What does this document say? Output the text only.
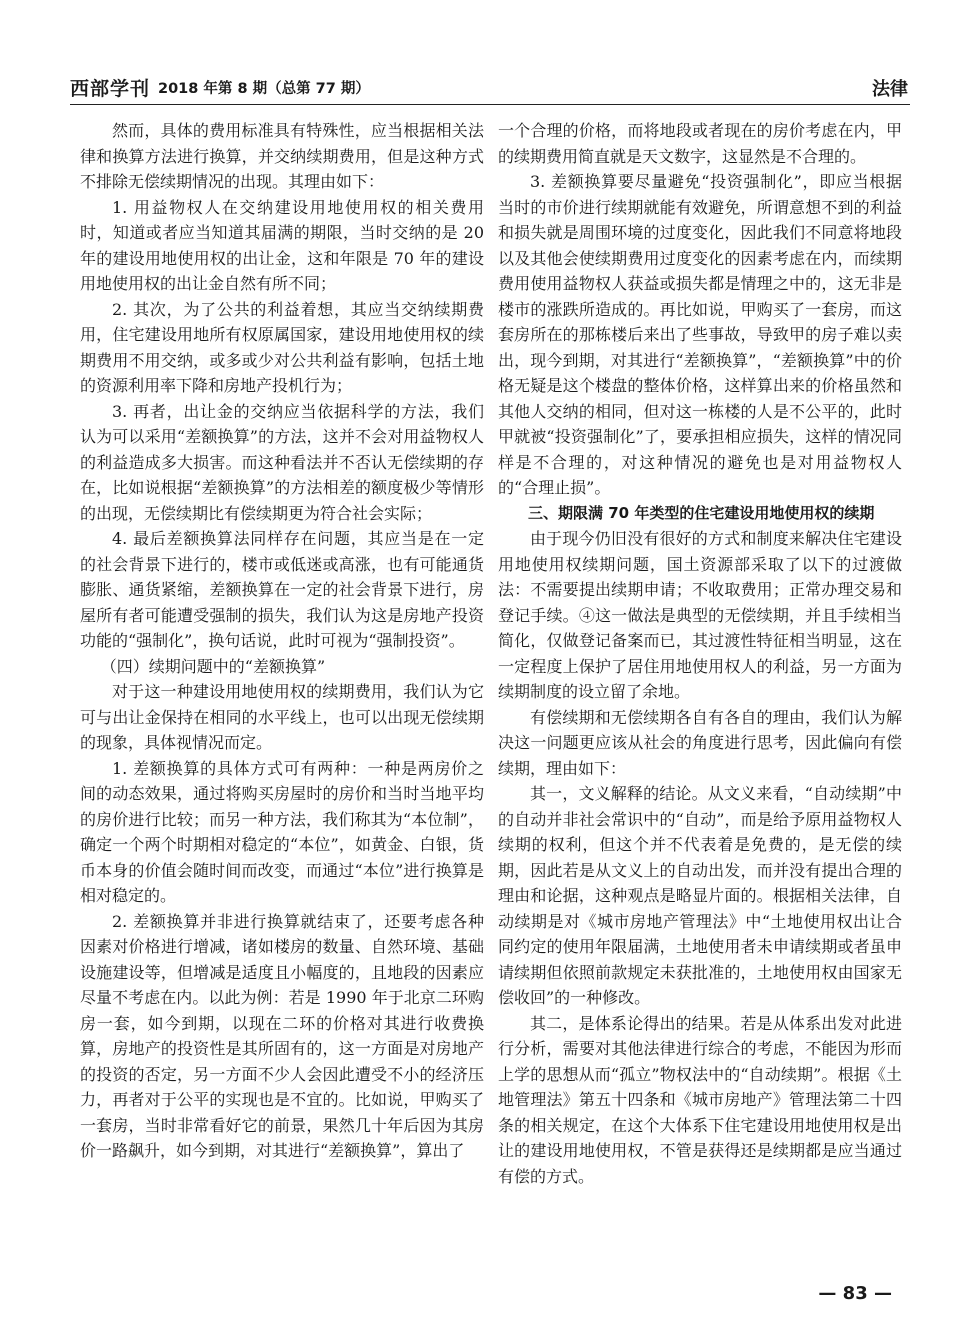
西部学刊 2018 年第 8 期（总第 77 期）	法律

然而，具体的费用标准具有特殊性，应当根据相关法律和换算方法进行换算，并交纳续期费用，但是这种方式不排除无偿续期情况的出现。其理由如下：

1. 用益物权人在交纳建设用地使用权的相关费用时，知道或者应当知道其届满的期限，当时交纳的是 20 年的建设用地使用权的出让金，这和年限是 70 年的建设用地使用权的出让金自然有所不同；

2. 其次，为了公共的利益着想，其应当交纳续期费用，住宅建设用地所有权原属国家，建设用地使用权的续期费用不用交纳，或多或少对公共利益有影响，包括土地的资源利用率下降和房地产投机行为；

3. 再者，出让金的交纳应当依据科学的方法，我们认为可以采用“差额换算”的方法，这并不会对用益物权人的利益造成多大损害。而这种看法并不否认无偿续期的存在，比如说根据“差额换算”的方法相差的额度极少等情形的出现，无偿续期比有偿续期更为符合社会实际；

4. 最后差额换算法同样存在问题，其应当是在一定的社会背景下进行的，楼市或低迷或高涨，也有可能通货膨胀、通货紧缩，差额换算在一定的社会背景下进行，房屋所有者可能遭受强制的损失，我们认为这是房地产投资功能的“强制化”，换句话说，此时可视为“强制投资”。

（四）续期问题中的“差额换算”

对于这一种建设用地使用权的续期费用，我们认为它可与出让金保持在相同的水平线上，也可以出现无偿续期的现象，具体视情况而定。

1. 差额换算的具体方式可有两种：一种是两房价之间的动态效果，通过将购买房屋时的房价和当时当地平均的房价进行比较；而另一种方法，我们称其为“本位制”，确定一个两个时期相对稳定的“本位”，如黄金、白银，货币本身的价值会随时间而改变，而通过“本位”进行换算是相对稳定的。

2. 差额换算并非进行换算就结束了，还要考虑各种因素对价格进行增减，诸如楼房的数量、自然环境、基础设施建设等，但增减是适度且小幅度的，且地段的因素应尽量不考虑在内。以此为例：若是 1990 年于北京二环购房一套，如今到期，以现在二环的价格对其进行收费换算，房地产的投资性是其所固有的，这一方面是对房地产的投资的否定，另一方面不少人会因此遭受不小的经济压力，再者对于公平的实现也是不宜的。比如说，甲购买了一套房，当时非常看好它的前景，果然几十年后因为其房价一路飙升，如今到期，对其进行“差额换算”，算出了

一个合理的价格，而将地段或者现在的房价考虑在内，甲的续期费用简直就是天文数字，这显然是不合理的。

3. 差额换算要尽量避免“投资强制化”，即应当根据当时的市价进行续期就能有效避免，所谓意想不到的利益和损失就是周围环境的过度变化，因此我们不同意将地段以及其他会使续期费用过度变化的因素考虑在内，而续期费用使用益物权人获益或损失都是情理之中的，这无非是楼市的涨跌所造成的。再比如说，甲购买了一套房，而这套房所在的那栋楼后来出了些事故，导致甲的房子难以卖出，现今到期，对其进行“差额换算”，“差额换算”中的价格无疑是这个楼盘的整体价格，这样算出来的价格虽然和其他人交纳的相同，但对这一栋楼的人是不公平的，此时甲就被“投资强制化”了，要承担相应损失，这样的情况同样是不合理的，对这种情况的避免也是对用益物权人的“合理止损”。

三、期限满 70 年类型的住宅建设用地使用权的续期

由于现今仍旧没有很好的方式和制度来解决住宅建设用地使用权续期问题，国土资源部采取了以下的过渡做法：不需要提出续期申请；不收取费用；正常办理交易和登记手续。④这一做法是典型的无偿续期，并且手续相当简化，仅做登记备案而已，其过渡性特征相当明显，这在一定程度上保护了居住用地使用权人的利益，另一方面为续期制度的设立留了余地。

有偿续期和无偿续期各自有各自的理由，我们认为解决这一问题更应该从社会的角度进行思考，因此偏向有偿续期，理由如下：

其一，文义解释的结论。从文义来看，“自动续期”中的自动并非社会常识中的“自动”，而是给予原用益物权人续期的权利，但这个并不代表着是免费的，是无偿的续期，因此若是从文义上的自动出发，而并没有提出合理的理由和论据，这种观点是略显片面的。根据相关法律，自动续期是对《城市房地产管理法》中“土地使用权出让合同约定的使用年限届满，土地使用者未申请续期或者虽申请续期但依照前款规定未获批准的，土地使用权由国家无偿收回”的一种修改。

其二，是体系论得出的结果。若是从体系出发对此进行分析，需要对其他法律进行综合的考虑，不能因为形而上学的思想从而“孤立”物权法中的“自动续期”。根据《土地管理法》第五十四条和《城市房地产》管理法第二十四条的相关规定，在这个大体系下住宅建设用地使用权是出让的建设用地使用权，不管是获得还是续期都是应当通过有偿的方式。

— 83 —
